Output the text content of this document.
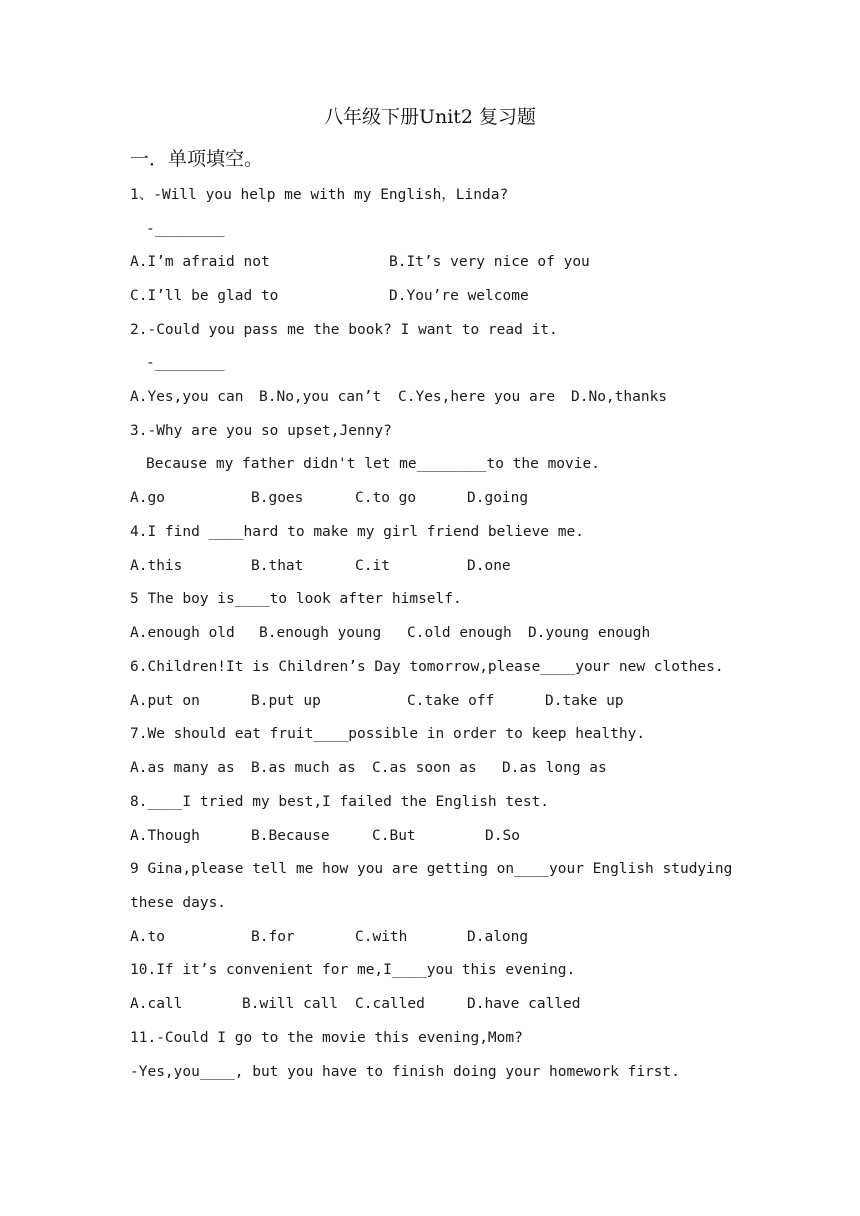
八年级下册Unit2 复习题
一．单项填空。
1、-Will you help me with my English，Linda?
-________
A.I’m afraid not	B.It’s very nice of you
C.I’ll be glad to	D.You’re welcome
2.-Could you pass me the book? I want to read it.
-________
A.Yes,you can B.No,you can’t C.Yes,here you are D.No,thanks
3.-Why are you so upset,Jenny?
Because my father didn't let me________to the movie.
A.go	B.goes	C.to go	D.going
4.I find ____hard to make my girl friend believe me.
A.this	B.that	C.it	D.one
5 The boy is____to look after himself.
A.enough old B.enough young C.old enough D.young enough
6.Children!It is Children’s Day tomorrow,please____your new clothes.
A.put on	B.put up	C.take off	D.take up
7.We should eat fruit____possible in order to keep healthy.
A.as many as B.as much as C.as soon as D.as long as
8.____I tried my best,I failed the English test.
A.Though	B.Because	C.But	D.So
9 Gina,please tell me how you are getting on____your English studying
these days.
A.to	B.for	C.with	D.along
10.If it’s convenient for me,I____you this evening.
A.call	B.will call C.called	D.have called
11.-Could I go to the movie this evening,Mom?
-Yes,you____, but you have to finish doing your homework first.
